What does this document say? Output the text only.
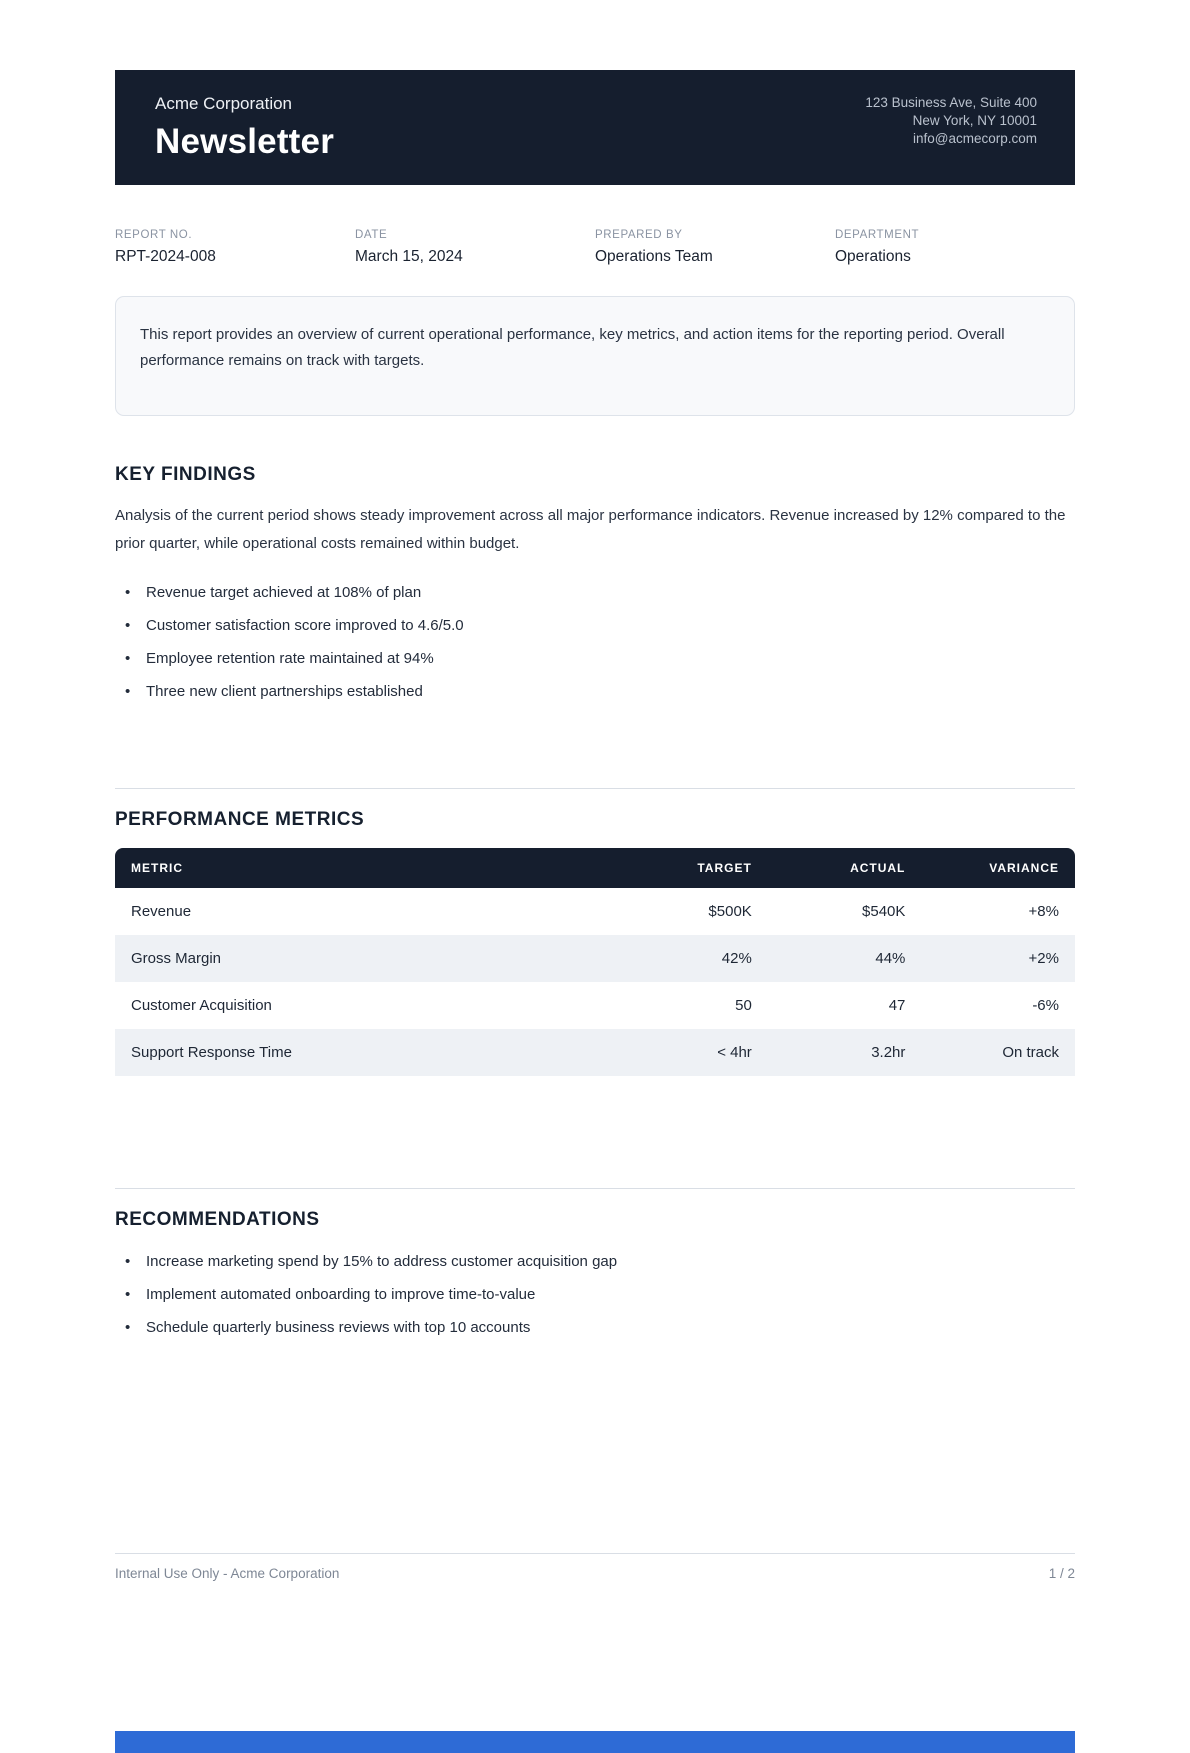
Acme Corporation
Newsletter
123 Business Ave, Suite 400
New York, NY 10001
info@acmecorp.com
REPORT NO.
RPT-2024-008
DATE
March 15, 2024
PREPARED BY
Operations Team
DEPARTMENT
Operations

This report provides an overview of current operational performance, key metrics, and action items for the reporting period. Overall performance remains on track with targets.

KEY FINDINGS

Analysis of the current period shows steady improvement across all major performance indicators. Revenue increased by 12% compared to the prior quarter, while operational costs remained within budget.

• Revenue target achieved at 108% of plan
• Customer satisfaction score improved to 4.6/5.0
• Employee retention rate maintained at 94%
• Three new client partnerships established
PERFORMANCE METRICS
METRIC	TARGET	ACTUAL	VARIANCE
Revenue	$500K	$540K	+8%
Gross Margin	42%	44%	+2%
Customer Acquisition	50	47	-6%
Support Response Time	< 4hr	3.2hr	On track
RECOMMENDATIONS
• Increase marketing spend by 15% to address customer acquisition gap
• Implement automated onboarding to improve time-to-value
• Schedule quarterly business reviews with top 10 accounts
Internal Use Only - Acme Corporation	1 / 2
